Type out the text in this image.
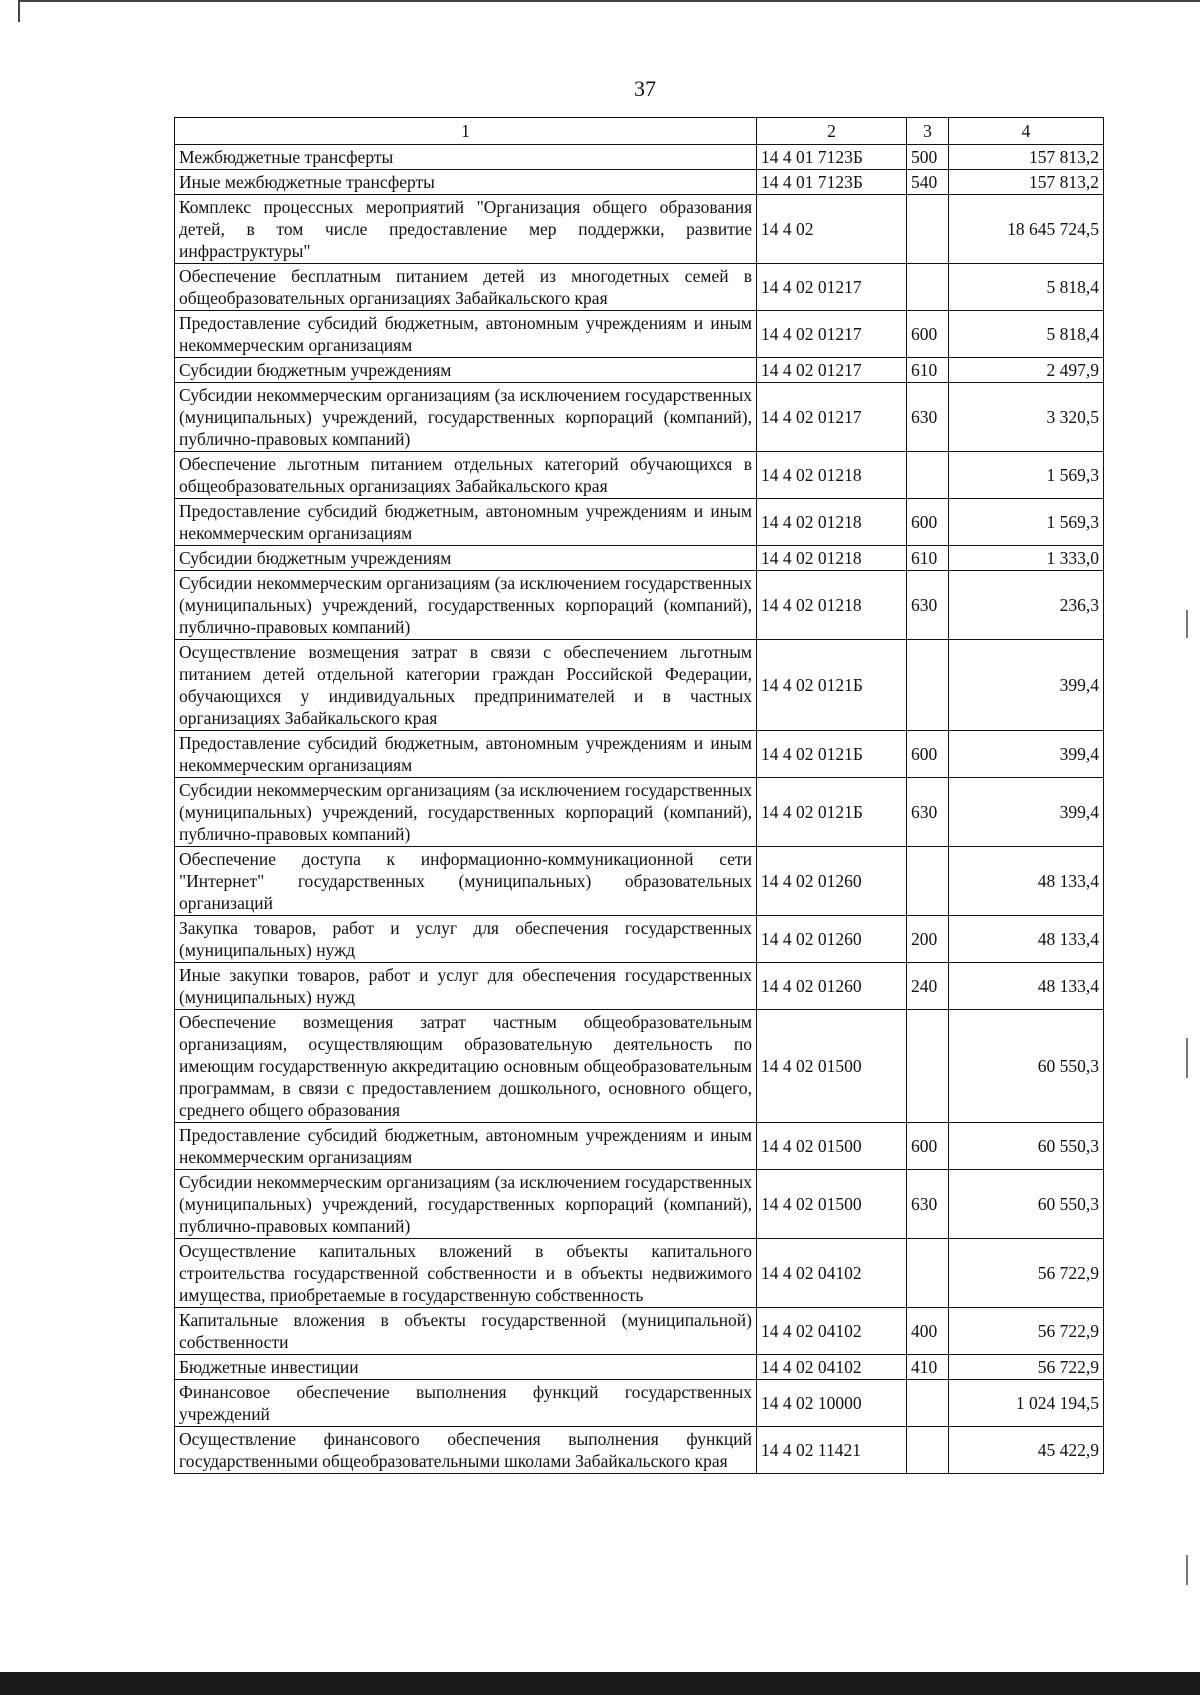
37
1	2	3	4
Межбюджетные трансферты	14 4 01 7123Б	500	157 813,2
Иные межбюджетные трансферты	14 4 01 7123Б	540	157 813,2
Комплекс процессных мероприятий "Организация общего образования детей, в том числе предоставление мер поддержки, развитие инфраструктуры"	14 4 02		18 645 724,5
Обеспечение бесплатным питанием детей из многодетных семей в общеобразовательных организациях Забайкальского края	14 4 02 01217		5 818,4
Предоставление субсидий бюджетным, автономным учреждениям и иным некоммерческим организациям	14 4 02 01217	600	5 818,4
Субсидии бюджетным учреждениям	14 4 02 01217	610	2 497,9
Субсидии некоммерческим организациям (за исключением государственных (муниципальных) учреждений, государственных корпораций (компаний), публично-правовых компаний)	14 4 02 01217	630	3 320,5
Обеспечение льготным питанием отдельных категорий обучающихся в общеобразовательных организациях Забайкальского края	14 4 02 01218		1 569,3
Предоставление субсидий бюджетным, автономным учреждениям и иным некоммерческим организациям	14 4 02 01218	600	1 569,3
Субсидии бюджетным учреждениям	14 4 02 01218	610	1 333,0
Субсидии некоммерческим организациям (за исключением государственных (муниципальных) учреждений, государственных корпораций (компаний), публично-правовых компаний)	14 4 02 01218	630	236,3
Осуществление возмещения затрат в связи с обеспечением льготным питанием детей отдельной категории граждан Российской Федерации, обучающихся у индивидуальных предпринимателей и в частных организациях Забайкальского края	14 4 02 0121Б		399,4
Предоставление субсидий бюджетным, автономным учреждениям и иным некоммерческим организациям	14 4 02 0121Б	600	399,4
Субсидии некоммерческим организациям (за исключением государственных (муниципальных) учреждений, государственных корпораций (компаний), публично-правовых компаний)	14 4 02 0121Б	630	399,4
Обеспечение доступа к информационно-коммуникационной сети "Интернет" государственных (муниципальных) образовательных организаций	14 4 02 01260		48 133,4
Закупка товаров, работ и услуг для обеспечения государственных (муниципальных) нужд	14 4 02 01260	200	48 133,4
Иные закупки товаров, работ и услуг для обеспечения государственных (муниципальных) нужд	14 4 02 01260	240	48 133,4
Обеспечение возмещения затрат частным общеобразовательным организациям, осуществляющим образовательную деятельность по имеющим государственную аккредитацию основным общеобразовательным программам, в связи с предоставлением дошкольного, основного общего, среднего общего образования	14 4 02 01500		60 550,3
Предоставление субсидий бюджетным, автономным учреждениям и иным некоммерческим организациям	14 4 02 01500	600	60 550,3
Субсидии некоммерческим организациям (за исключением государственных (муниципальных) учреждений, государственных корпораций (компаний), публично-правовых компаний)	14 4 02 01500	630	60 550,3
Осуществление капитальных вложений в объекты капитального строительства государственной собственности и в объекты недвижимого имущества, приобретаемые в государственную собственность	14 4 02 04102		56 722,9
Капитальные вложения в объекты государственной (муниципальной) собственности	14 4 02 04102	400	56 722,9
Бюджетные инвестиции	14 4 02 04102	410	56 722,9
Финансовое обеспечение выполнения функций государственных учреждений	14 4 02 10000		1 024 194,5
Осуществление финансового обеспечения выполнения функций государственными общеобразовательными школами Забайкальского края	14 4 02 11421		45 422,9
